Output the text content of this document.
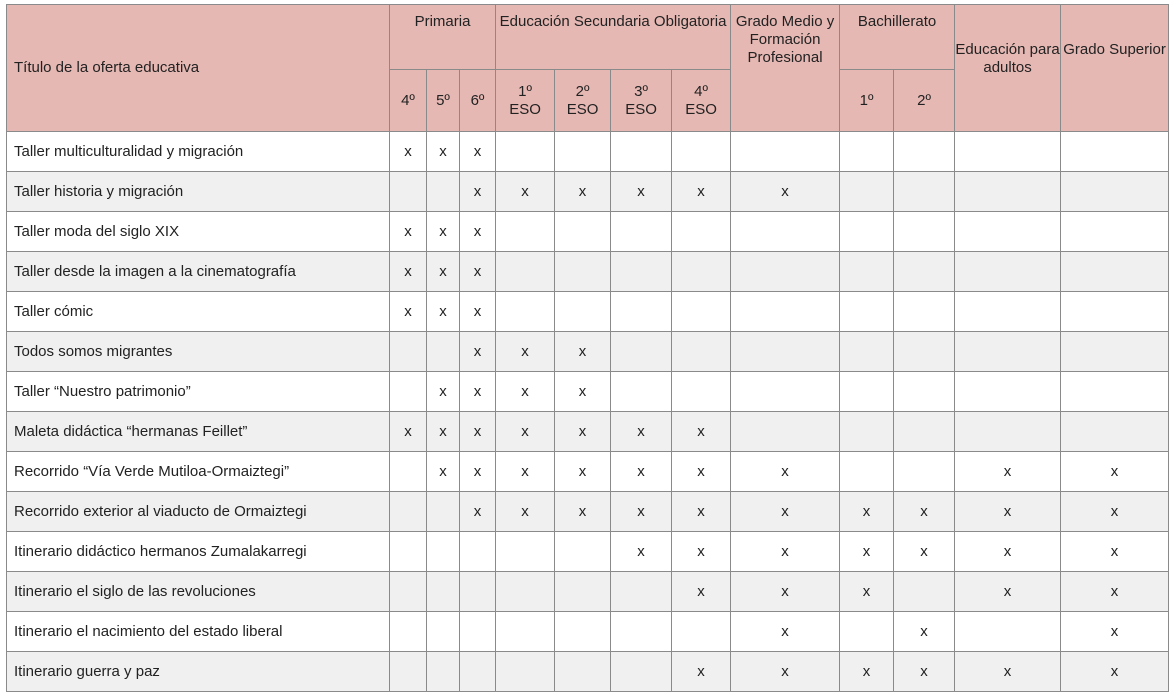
Título de la oferta educativa	Primaria			Educación Secundaria Obligatoria				Grado Medio y Formación Profesional	Bachillerato		Educación para adultos	Grado Superior
	4º	5º	6º	1º ESO	2º ESO	3º ESO	4º ESO		1º	2º		
Taller multiculturalidad y migración	x	x	x									
Taller historia y migración			x	x	x	x	x	x				
Taller moda del siglo XIX	x	x	x									
Taller desde la imagen a la cinematografía	x	x	x									
Taller cómic	x	x	x									
Todos somos migrantes			x	x	x							
Taller “Nuestro patrimonio”		x	x	x	x							
Maleta didáctica “hermanas Feillet”	x	x	x	x	x	x	x					
Recorrido “Vía Verde Mutiloa-Ormaiztegi”		x	x	x	x	x	x	x			x	x
Recorrido exterior al viaducto de Ormaiztegi			x	x	x	x	x	x	x	x	x	x
Itinerario didáctico hermanos Zumalakarregi						x	x	x	x	x	x	x
Itinerario el siglo de las revoluciones							x	x	x		x	x
Itinerario el nacimiento del estado liberal								x		x		x
Itinerario guerra y paz							x	x	x	x	x	x
